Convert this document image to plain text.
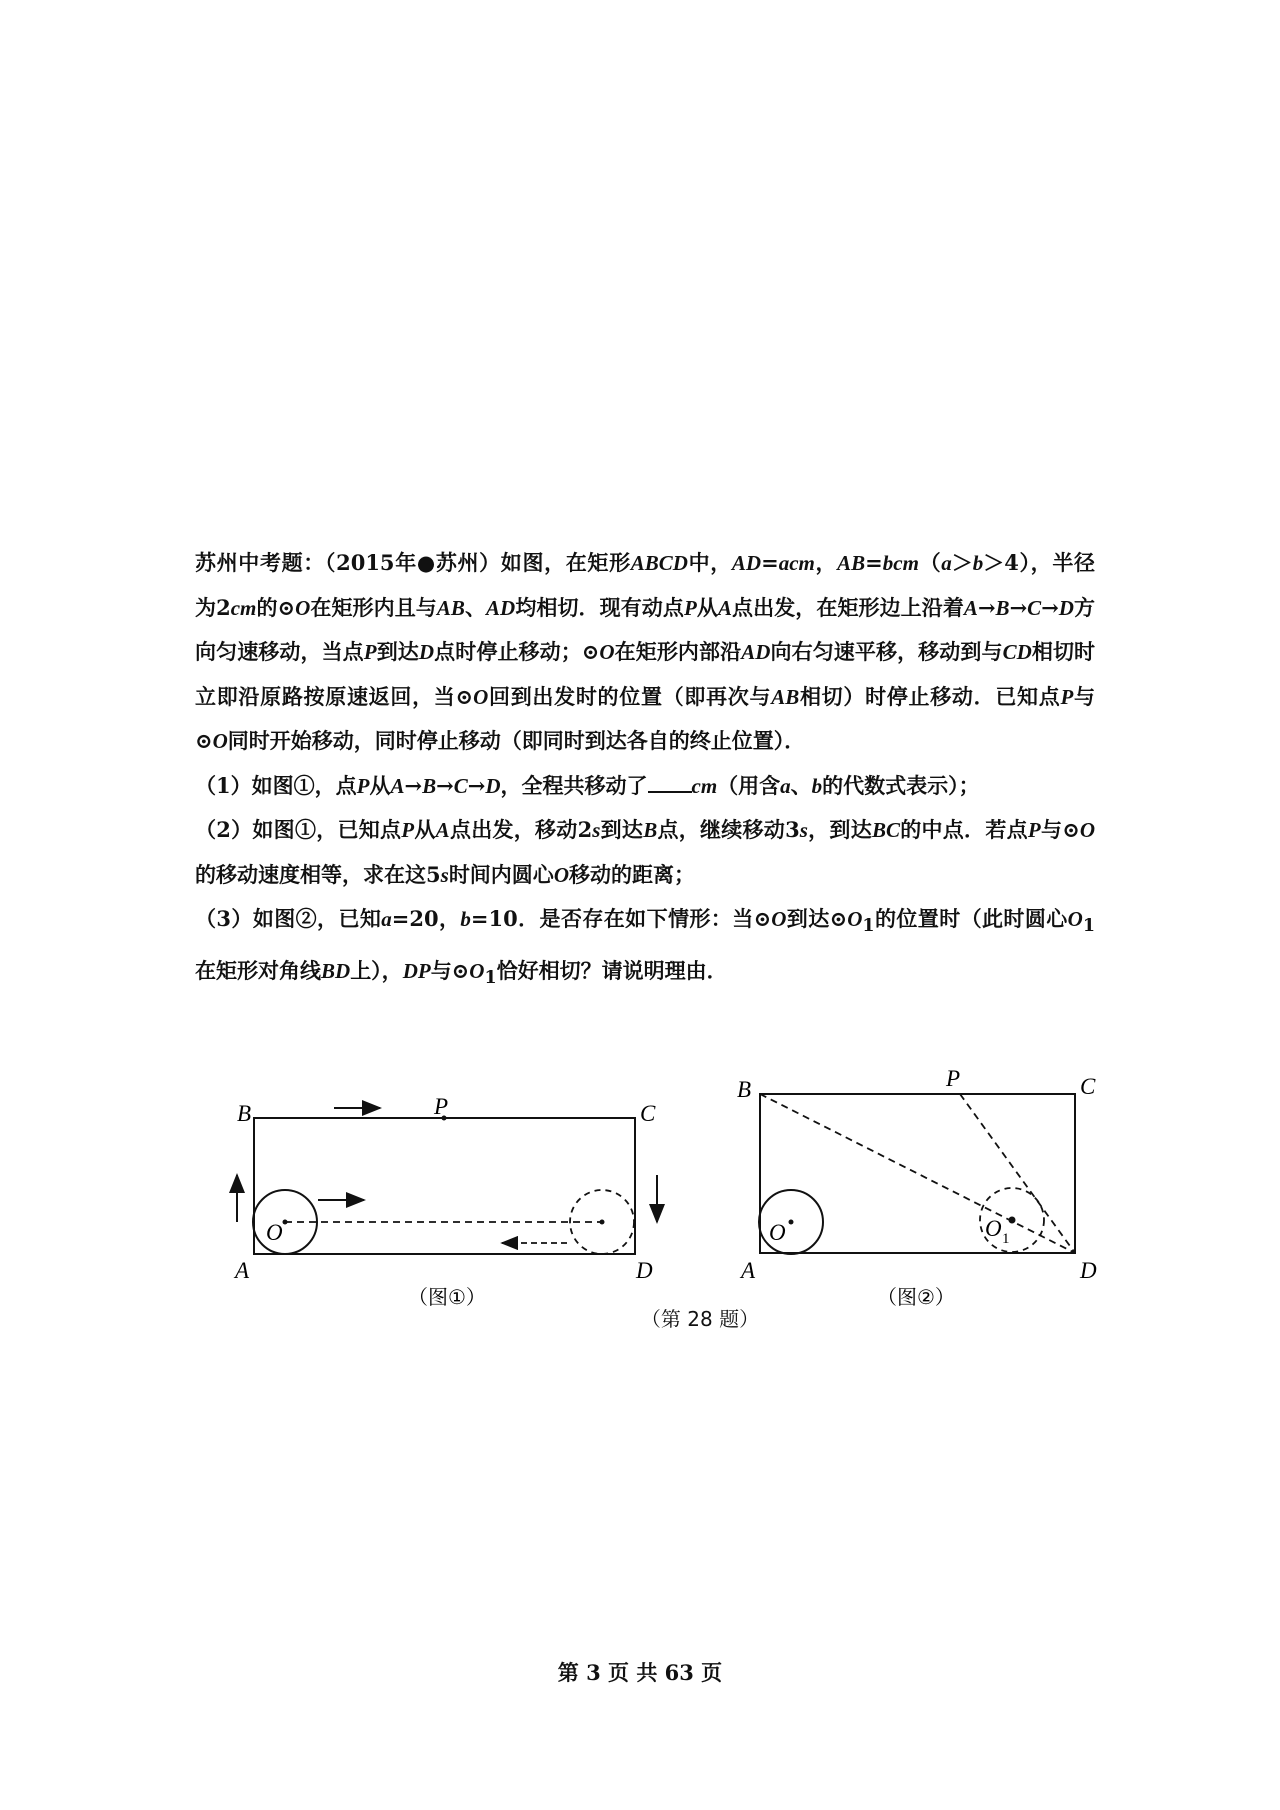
苏州中考题：（2015年●苏州）如图，在矩形ABCD中，AD=acm，AB=bcm（a＞b＞4），半径为2cm的⊙O在矩形内且与AB、AD均相切．现有动点P从A点出发，在矩形边上沿着A→B→C→D方向匀速移动，当点P到达D点时停止移动；⊙O在矩形内部沿AD向右匀速平移，移动到与CD相切时立即沿原路按原速返回，当⊙O回到出发时的位置（即再次与AB相切）时停止移动．已知点P与⊙O同时开始移动，同时停止移动（即同时到达各自的终止位置）．

（1）如图①，点P从A→B→C→D，全程共移动了 cm（用含a、b的代数式表示）；

（2）如图①，已知点P从A点出发，移动2s到达B点，继续移动3s，到达BC的中点．若点P与⊙O的移动速度相等，求在这5s时间内圆心O移动的距离；

（3）如图②，已知a=20，b=10．是否存在如下情形：当⊙O到达$⊙O_1$的位置时（此时圆心$O_1$在矩形对角线BD上），DP与$⊙O_1$恰好相切？请说明理由．

B	C
A	D
P
O
（图①）
B	C
A	D
P
O	O 1
（图②）
（第 28 题）
第 3 页 共 63 页
